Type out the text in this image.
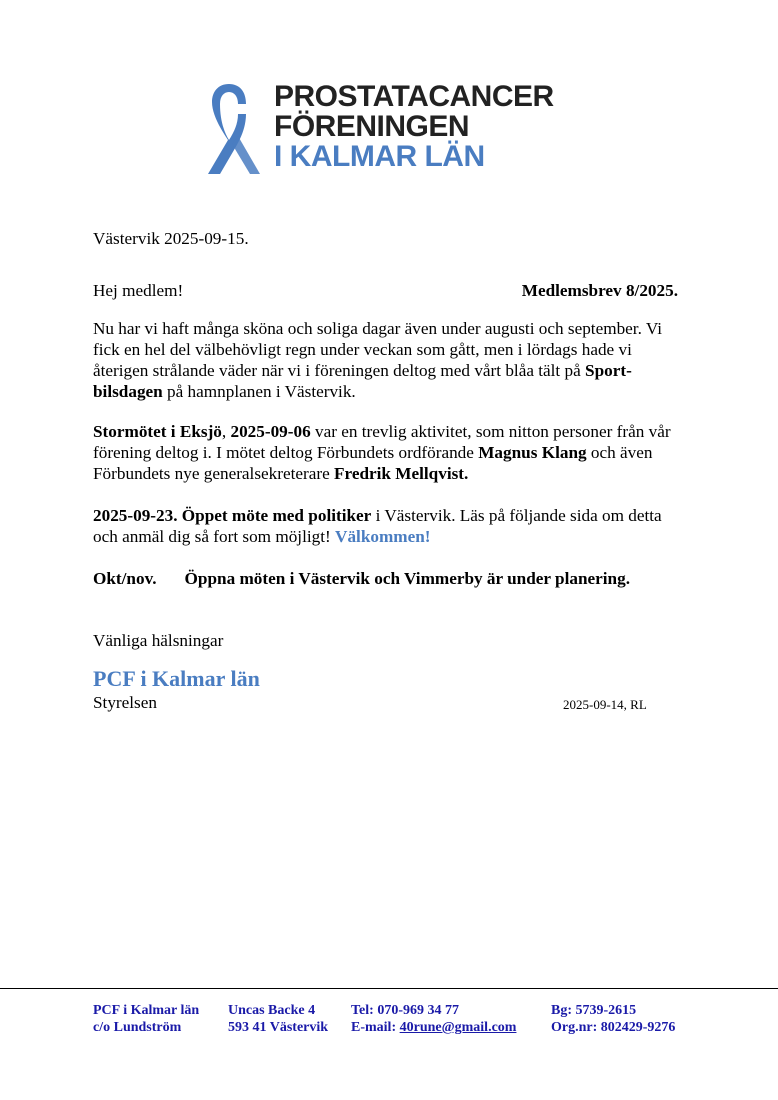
PROSTATACANCER
FÖRENINGEN
I KALMAR LÄN
Västervik 2025-09-15.
Hej medlem!	Medlemsbrev 8/2025.
Nu har vi haft många sköna och soliga dagar även under augusti och september. Vi fick en hel del välbehövligt regn under veckan som gått, men i lördags hade vi återigen strålande väder när vi i föreningen deltog med vårt blåa tält på Sport-bilsdagen på hamnplanen i Västervik.
Stormötet i Eksjö, 2025-09-06 var en trevlig aktivitet, som nitton personer från vår förening deltog i. I mötet deltog Förbundets ordförande Magnus Klang och även Förbundets nye generalsekreterare Fredrik Mellqvist.
2025-09-23. Öppet möte med politiker i Västervik. Läs på följande sida om detta och anmäl dig så fort som möjligt! Välkommen!
Okt/nov. Öppna möten i Västervik och Vimmerby är under planering.
Vänliga hälsningar
PCF i Kalmar län
Styrelsen	2025-09-14, RL
PCF i Kalmar län
c/o Lundström
Uncas Backe 4
593 41 Västervik
Tel: 070-969 34 77
E-mail: 40rune@gmail.com
Bg: 5739-2615
Org.nr: 802429-9276
